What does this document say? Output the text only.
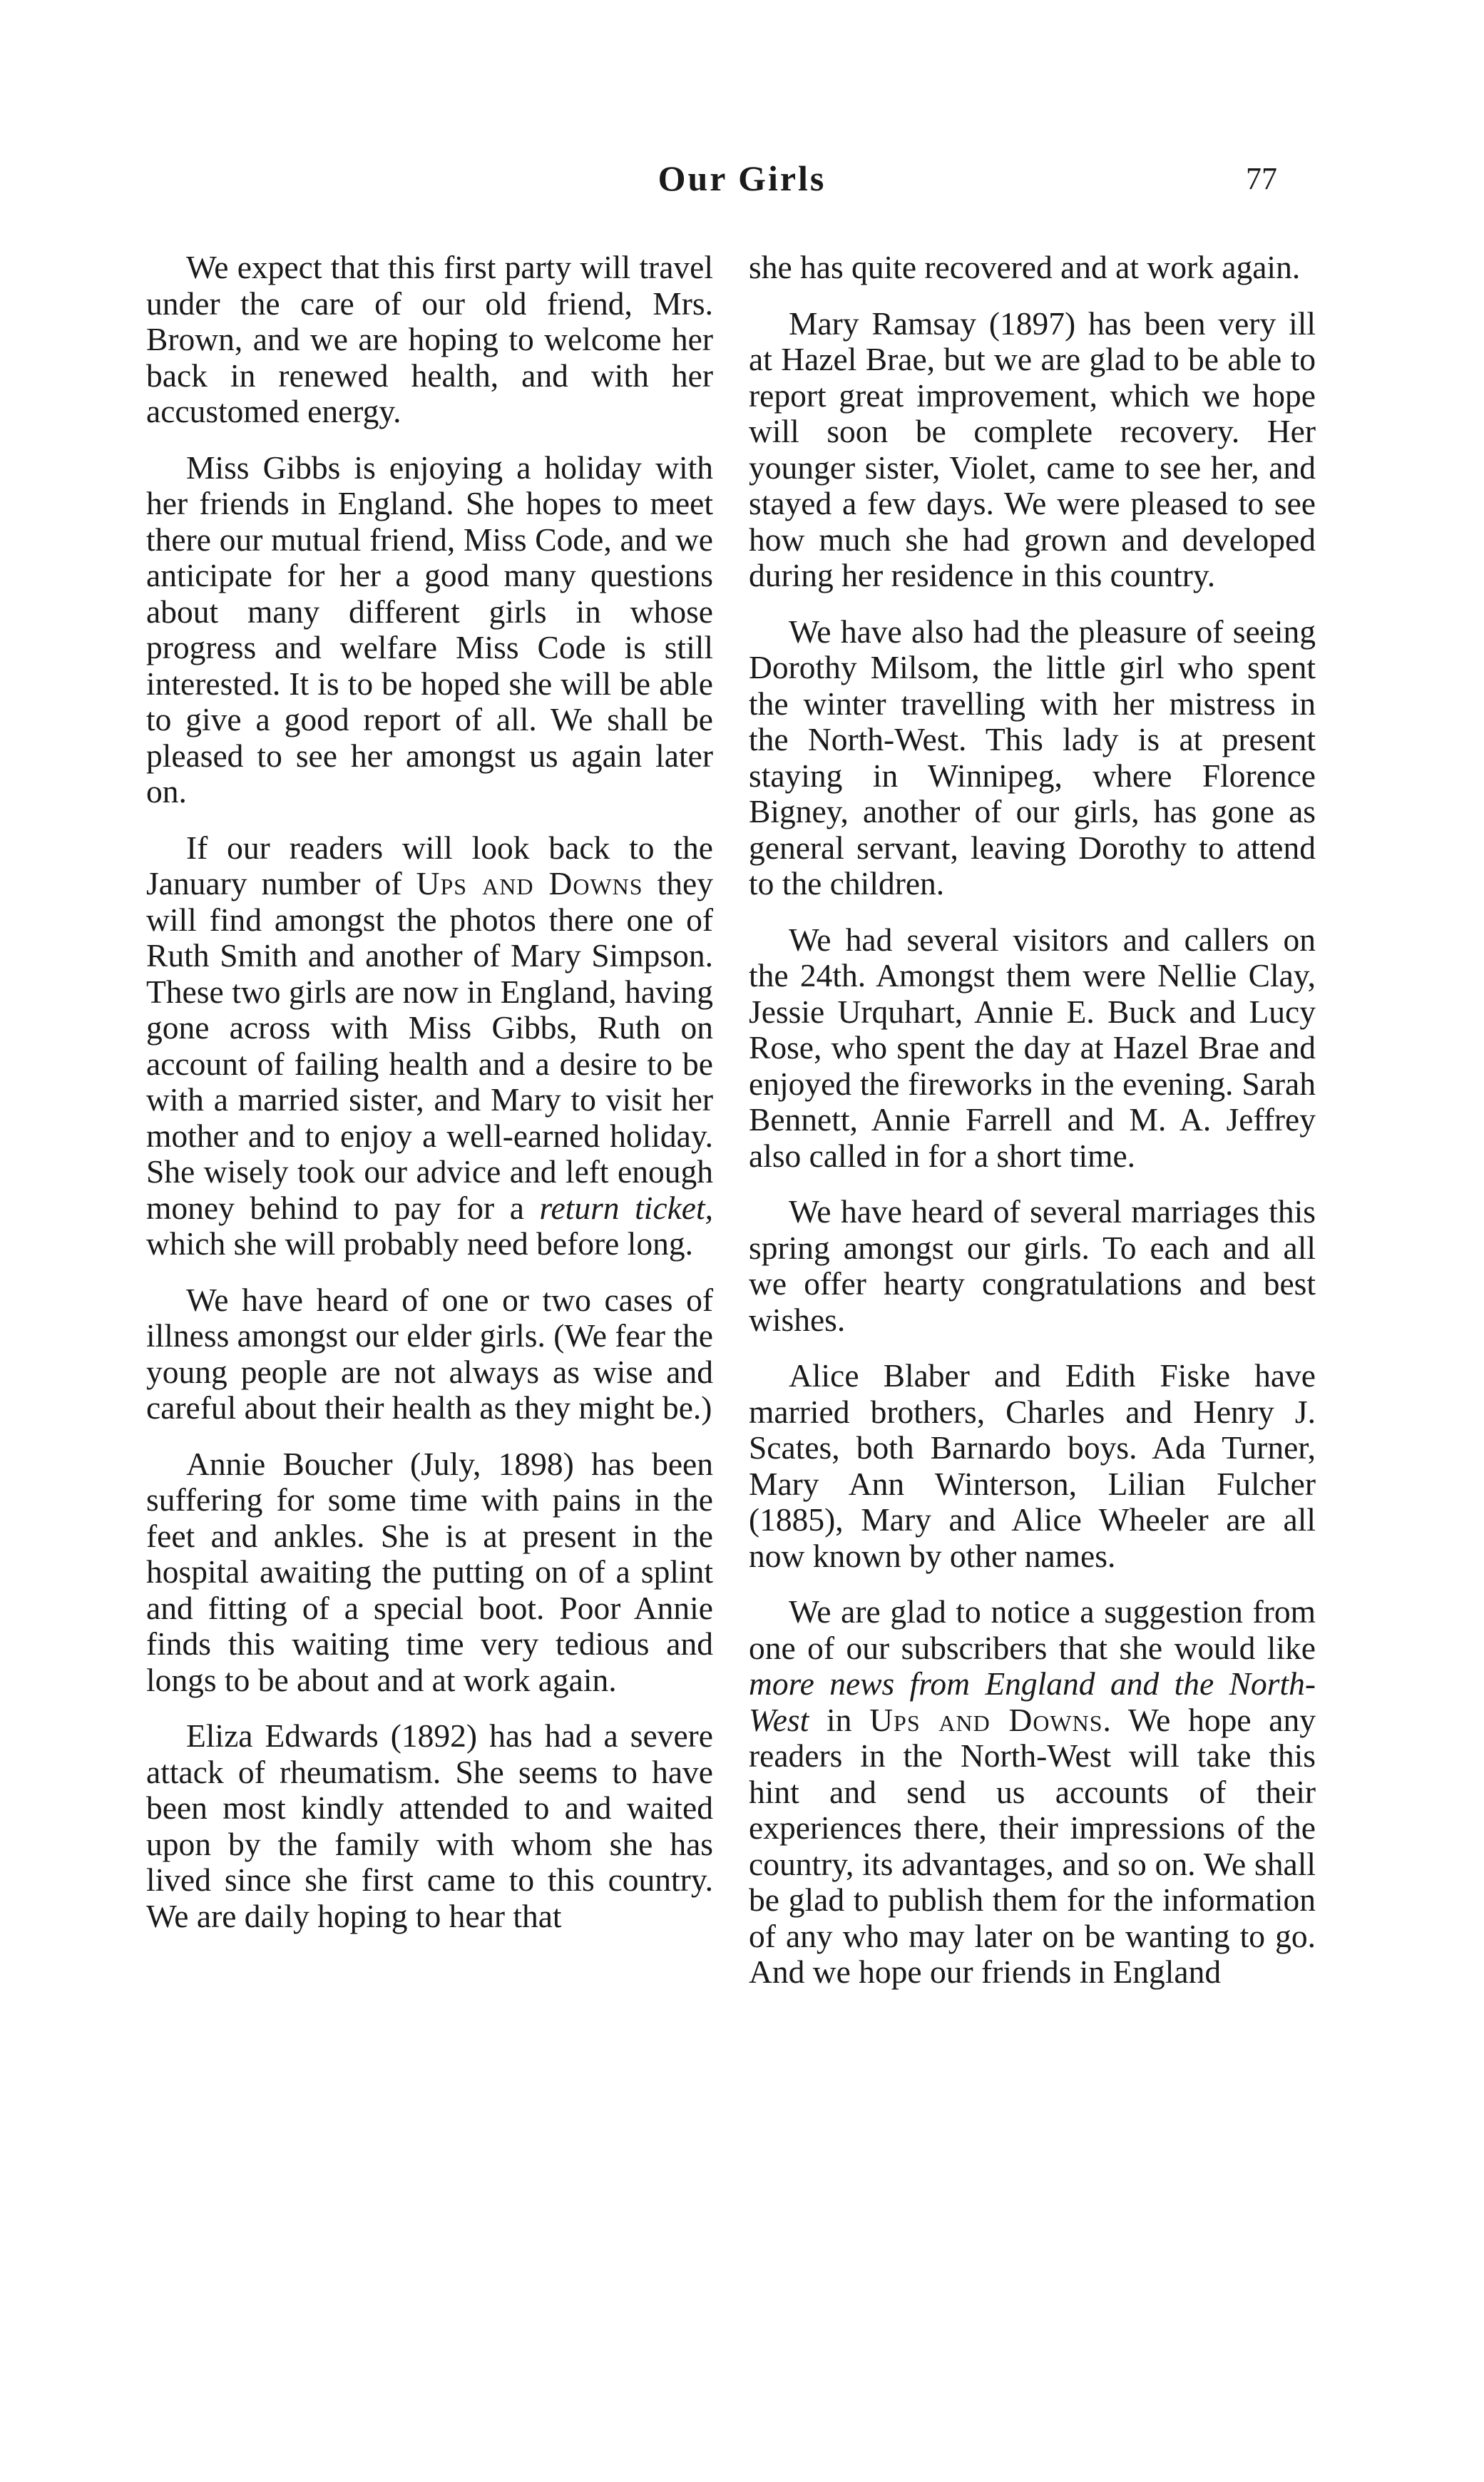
Our Girls	77

We expect that this first party will travel under the care of our old friend, Mrs. Brown, and we are hoping to welcome her back in renewed health, and with her accustomed energy.

Miss Gibbs is enjoying a holiday with her friends in England. She hopes to meet there our mutual friend, Miss Code, and we anticipate for her a good many questions about many different girls in whose progress and welfare Miss Code is still interested. It is to be hoped she will be able to give a good report of all. We shall be pleased to see her amongst us again later on.

If our readers will look back to the January number of Ups and Downs they will find amongst the photos there one of Ruth Smith and another of Mary Simpson. These two girls are now in England, having gone across with Miss Gibbs, Ruth on account of failing health and a desire to be with a married sister, and Mary to visit her mother and to enjoy a well-earned holiday. She wisely took our advice and left enough money behind to pay for a return ticket, which she will probably need before long.

We have heard of one or two cases of illness amongst our elder girls. (We fear the young people are not always as wise and careful about their health as they might be.)

Annie Boucher (July, 1898) has been suffering for some time with pains in the feet and ankles. She is at present in the hospital awaiting the putting on of a splint and fitting of a special boot. Poor Annie finds this waiting time very tedious and longs to be about and at work again.

Eliza Edwards (1892) has had a severe attack of rheumatism. She seems to have been most kindly attended to and waited upon by the family with whom she has lived since she first came to this country. We are daily hoping to hear that

she has quite recovered and at work again.

Mary Ramsay (1897) has been very ill at Hazel Brae, but we are glad to be able to report great improvement, which we hope will soon be complete recovery. Her younger sister, Violet, came to see her, and stayed a few days. We were pleased to see how much she had grown and developed during her residence in this country.

We have also had the pleasure of seeing Dorothy Milsom, the little girl who spent the winter travelling with her mistress in the North-West. This lady is at present staying in Winnipeg, where Florence Bigney, another of our girls, has gone as general servant, leaving Dorothy to attend to the children.

We had several visitors and callers on the 24th. Amongst them were Nellie Clay, Jessie Urquhart, Annie E. Buck and Lucy Rose, who spent the day at Hazel Brae and enjoyed the fireworks in the evening. Sarah Bennett, Annie Farrell and M. A. Jeffrey also called in for a short time.

We have heard of several marriages this spring amongst our girls. To each and all we offer hearty congratulations and best wishes.

Alice Blaber and Edith Fiske have married brothers, Charles and Henry J. Scates, both Barnardo boys. Ada Turner, Mary Ann Winterson, Lilian Fulcher (1885), Mary and Alice Wheeler are all now known by other names.

We are glad to notice a suggestion from one of our subscribers that she would like more news from England and the North-West in Ups and Downs. We hope any readers in the North-West will take this hint and send us accounts of their experiences there, their impressions of the country, its advantages, and so on. We shall be glad to publish them for the information of any who may later on be wanting to go. And we hope our friends in England
